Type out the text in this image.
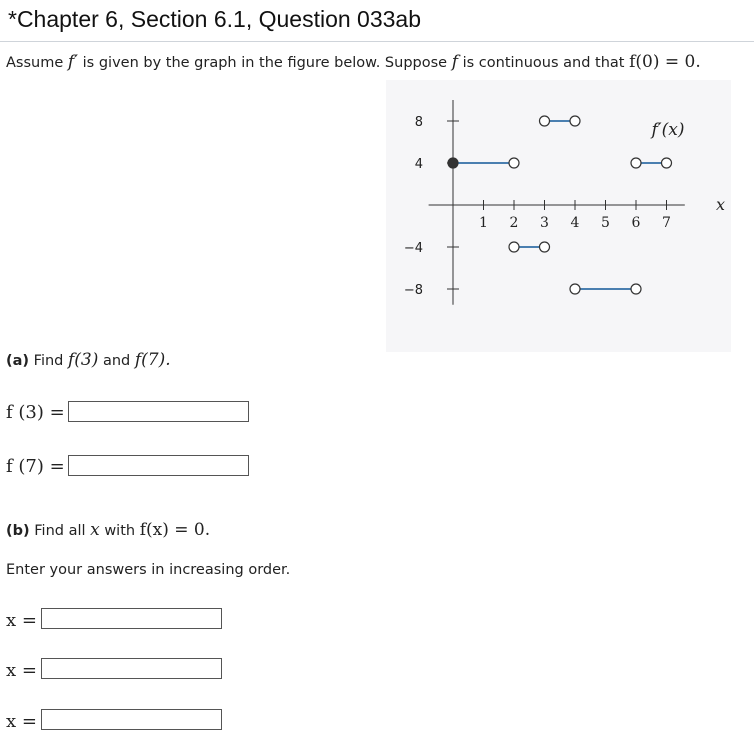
*Chapter 6, Section 6.1, Question 033ab
Assume f′ is given by the graph in the figure below. Suppose f is continuous and that f(0) = 0.
1 2 3 4 5 6 7
8
4
−4
−8
f′(x)
x
(a) Find f(3) and f(7).
f (3) =
f (7) =
(b) Find all x with f(x) = 0.
Enter your answers in increasing order.
x =
x =
x =
